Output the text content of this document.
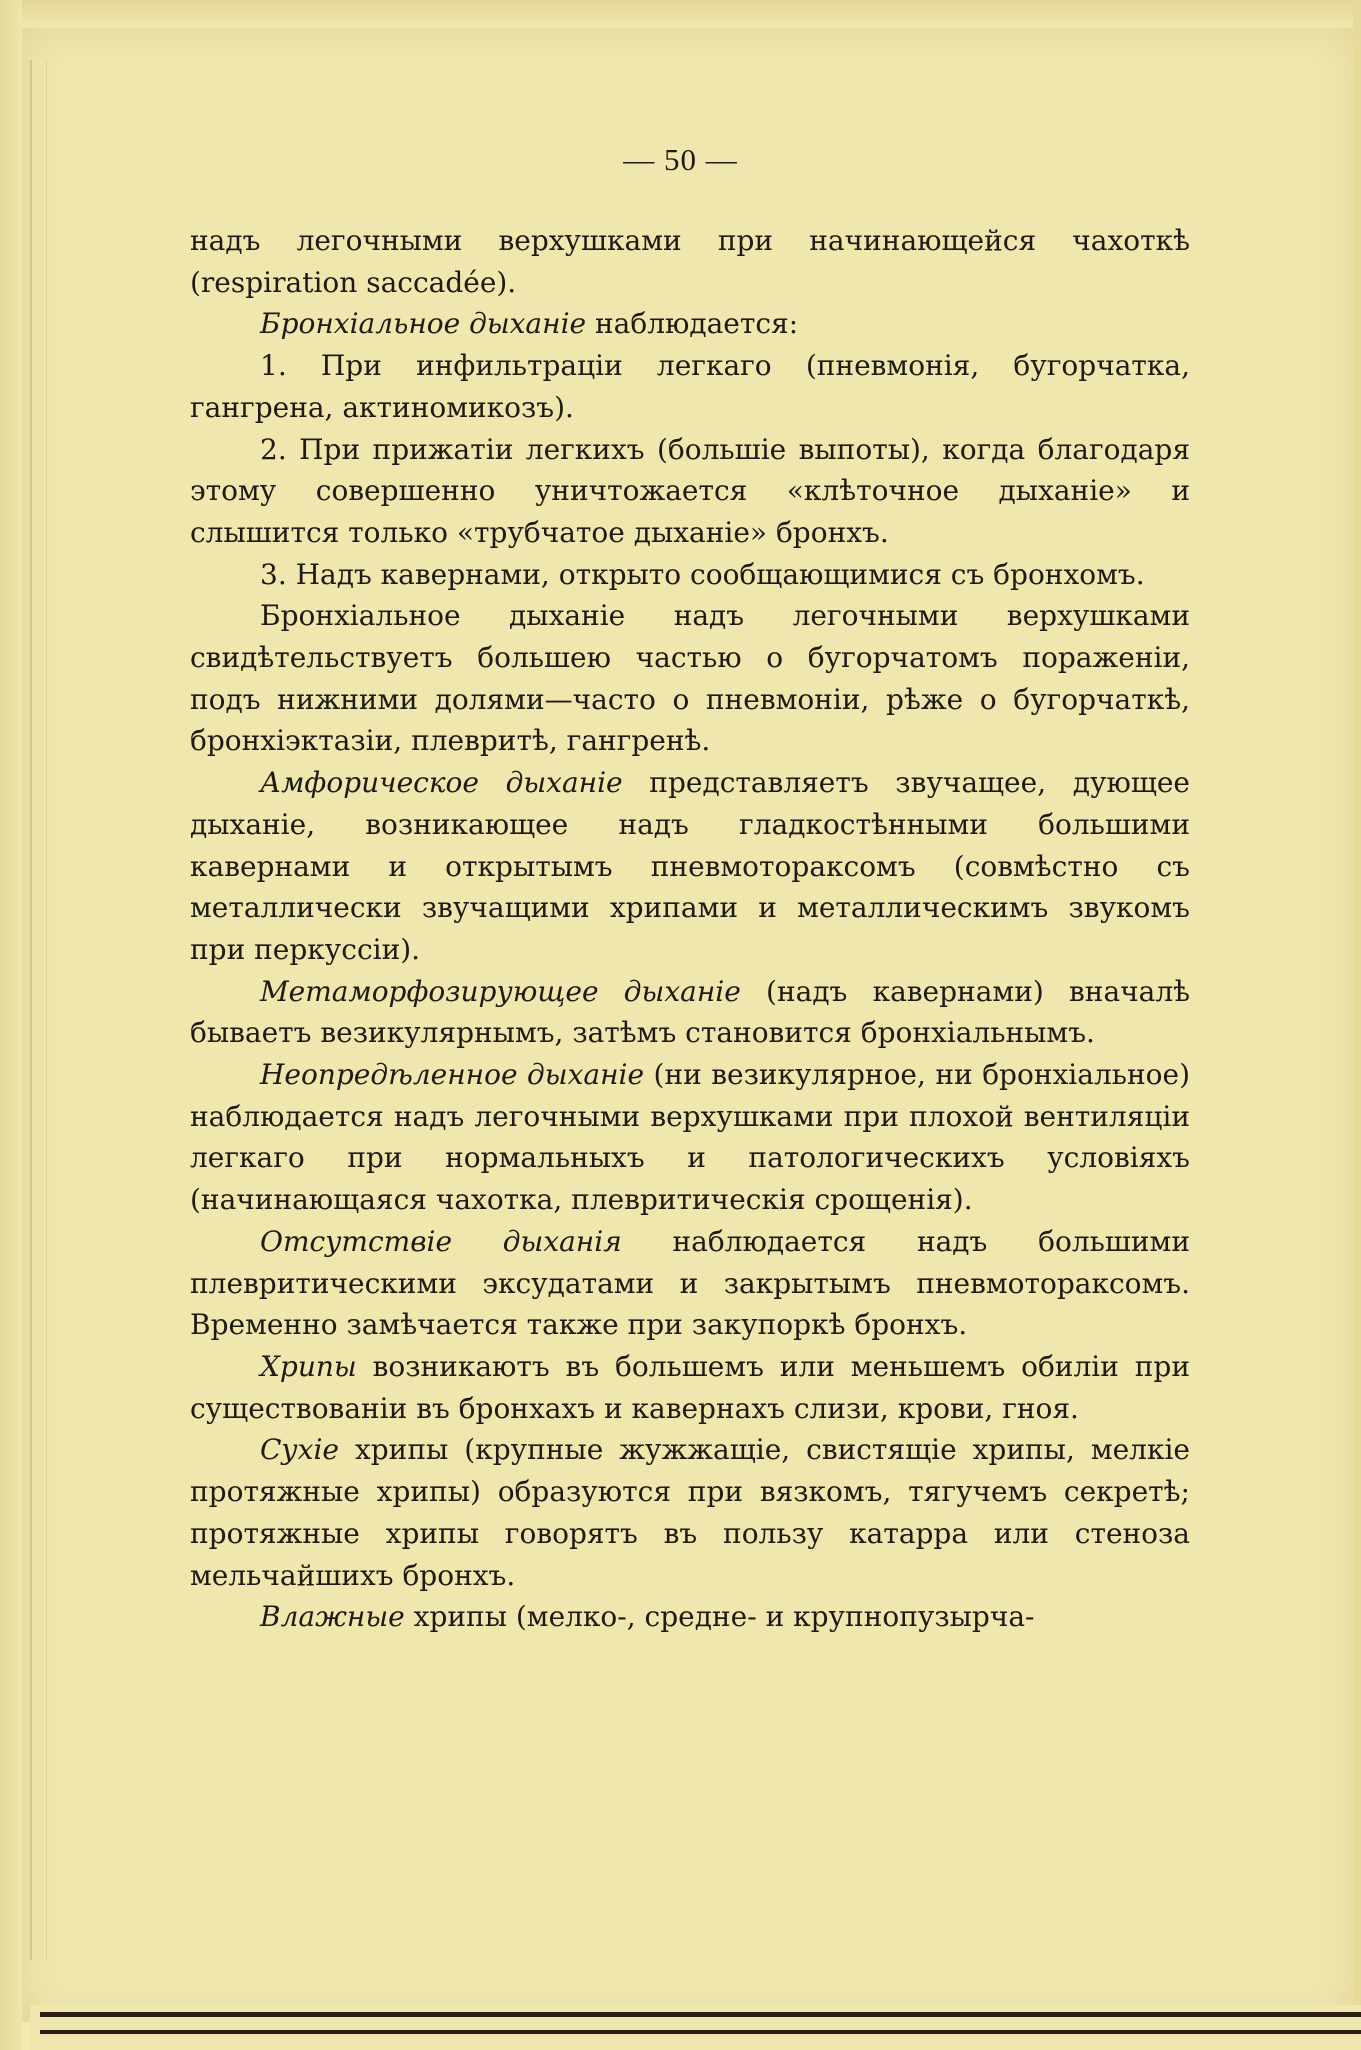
— 50 —

надъ легочными верхушками при начинающейся чахоткѣ (respiration saccadée).

Бронхiальное дыханiе наблюдается:

1. При инфильтрацiи легкаго (пневмонiя, бугорчатка, гангрена, актиномикозъ).

2. При прижатiи легкихъ (большiе выпоты), когда благодаря этому совершенно уничтожается «клѣточное дыханiе» и слышится только «трубчатое дыханiе» бронхъ.

3. Надъ кавернами, открыто сообщающимися съ бронхомъ.

Бронхiальное дыханiе надъ легочными верхушками свидѣтельствуетъ большею частью о бугорчатомъ пораженiи, подъ нижними долями—часто о пневмонiи, рѣже о бугорчаткѣ, бронхiэктазiи, плевритѣ, гангренѣ.

Амфорическое дыханiе представляетъ звучащее, дующее дыханiе, возникающее надъ гладкостѣнными большими кавернами и открытымъ пневмотораксомъ (совмѣстно съ металлически звучащими хрипами и металлическимъ звукомъ при перкуссiи).

Метаморфозирующее дыханiе (надъ кавернами) вначалѣ бываетъ везикулярнымъ, затѣмъ становится бронхiальнымъ.

Неопредѣленное дыханiе (ни везикулярное, ни бронхiальное) наблюдается надъ легочными верхушками при плохой вентиляцiи легкаго при нормальныхъ и патологическихъ условiяхъ (начинающаяся чахотка, плевритическiя срощенiя).

Отсутствiе дыханiя наблюдается надъ большими плевритическими эксудатами и закрытымъ пневмотораксомъ. Временно замѣчается также при закупоркѣ бронхъ.

Хрипы возникаютъ въ большемъ или меньшемъ обилiи при существованiи въ бронхахъ и кавернахъ слизи, крови, гноя.

Сухiе хрипы (крупные жужжащiе, свистящiе хрипы, мелкiе протяжные хрипы) образуются при вязкомъ, тягучемъ секретѣ; протяжные хрипы говорятъ въ пользу катарра или стеноза мельчайшихъ бронхъ.

Влажные хрипы (мелко-, средне- и крупнопузырча-
